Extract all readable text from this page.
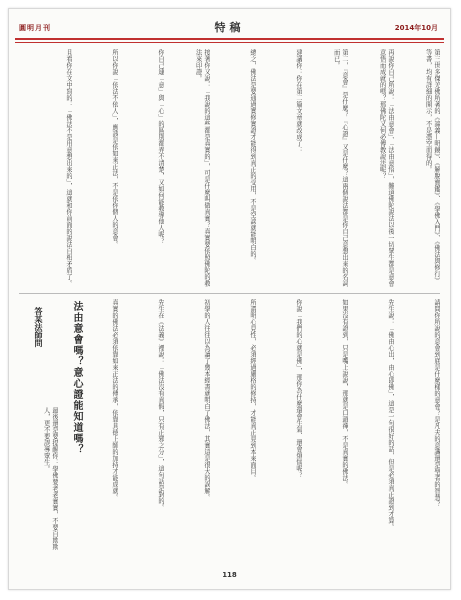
圓明月刊	特稿	2014年10月
第三世多傑羌佛所著的《諦義—明鏡》、《解脫寶鑑》、《學佛入門》、《佛法與修行》等書，均有詳細的開示，不是憑空而得的。
再說你自己所說：「法由意會」、「法由意悟」，難道佛陀說法以後一切眾生都是意會意悟而成就的嗎？那佛陀又何必傳教說法呢？
第二，『意會』是什麼？『心證』又是什麼？這兩個說法都是你自己意想出來的名詞而已。
建議你：你在第二篇文章就改成了：
總之，佛法是要通過實修實證才能得到真正的受用，不是空談就能明白的。
接著你又說：「我說的這些都是真實的」，可是什麼叫做真實？真實要依照佛陀的教法來印證。
你自己連「意」與「心」的區別都弄不清楚，又如何能教導他人呢？
所以你說「依法不依人」，應該是依如來正法，不是依你個人的意會。
且看你在文中寫的：「佛法不是用意想出來的」，這就和你前面的說法自相矛盾了。
請問你所說的意會到底是什麼樣的意會？是凡夫的意識還是聖者的智慧？
先生說：「佛由心出，由心即佛」，這是一句很好的話，但是必須真正證到才算。
如果沒有證到，只是嘴上說說，那就是口頭禪，不是真實的佛法。
你說「我們的心就是佛」，那你為什麼還會生氣、還會煩惱呢？
所謂明心見性，必須經過嚴格的修持，才能真正見到本來面目。
初學的人往往以為讀了幾本經書就明白了佛法，其實這是很大的誤解。
先生在《法義》裡說：「佛法沒有真假，只有正邪之分」，這句話是對的。
真實的佛法必須依靠如來正法的傳承，依靠具德上師的加持才能成就。
最後還是要提醒你：學佛要老老實實，不要自欺欺人，更不要誤導眾生。	法由意會嗎？意心證能知道嗎？
答某法師問
118
